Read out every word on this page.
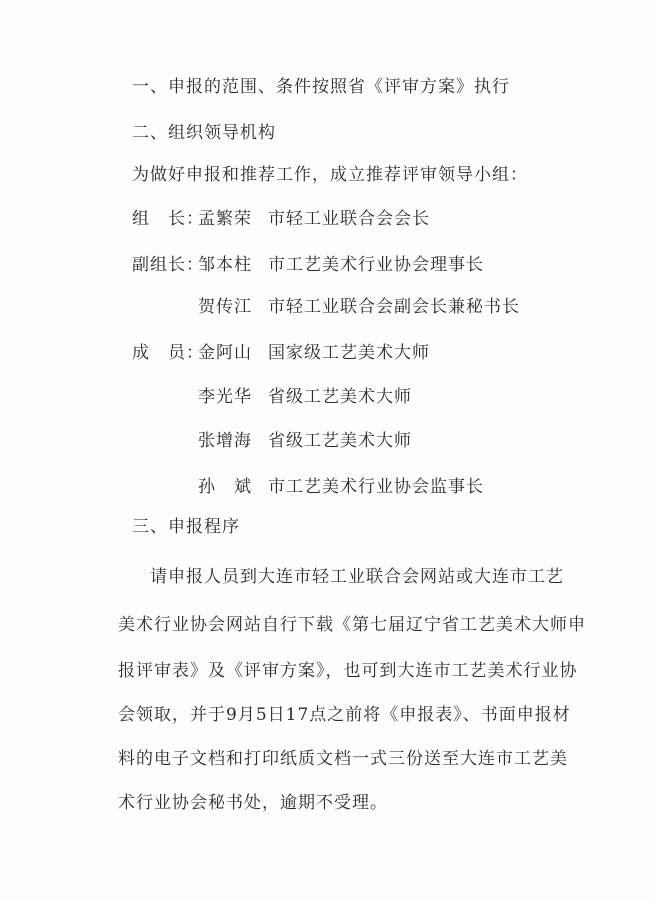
一、申报的范围、条件按照省《评审方案》执行
二、组织领导机构
为做好申报和推荐工作，成立推荐评审领导小组：
组　长：
孟繁荣 市轻工业联合会会长
副组长：
邹本柱 市工艺美术行业协会理事长
贺传江 市轻工业联合会副会长兼秘书长
成　员：
金阿山 国家级工艺美术大师
李光华 省级工艺美术大师
张增海 省级工艺美术大师
孙　斌 市工艺美术行业协会监事长
三、申报程序
请申报人员到大连市轻工业联合会网站或大连市工艺
美术行业协会网站自行下载《第七届辽宁省工艺美术大师申
报评审表》及《评审方案》，也可到大连市工艺美术行业协
会领取，并于9月5日17点之前将《申报表》、书面申报材
料的电子文档和打印纸质文档一式三份送至大连市工艺美
术行业协会秘书处，逾期不受理。
